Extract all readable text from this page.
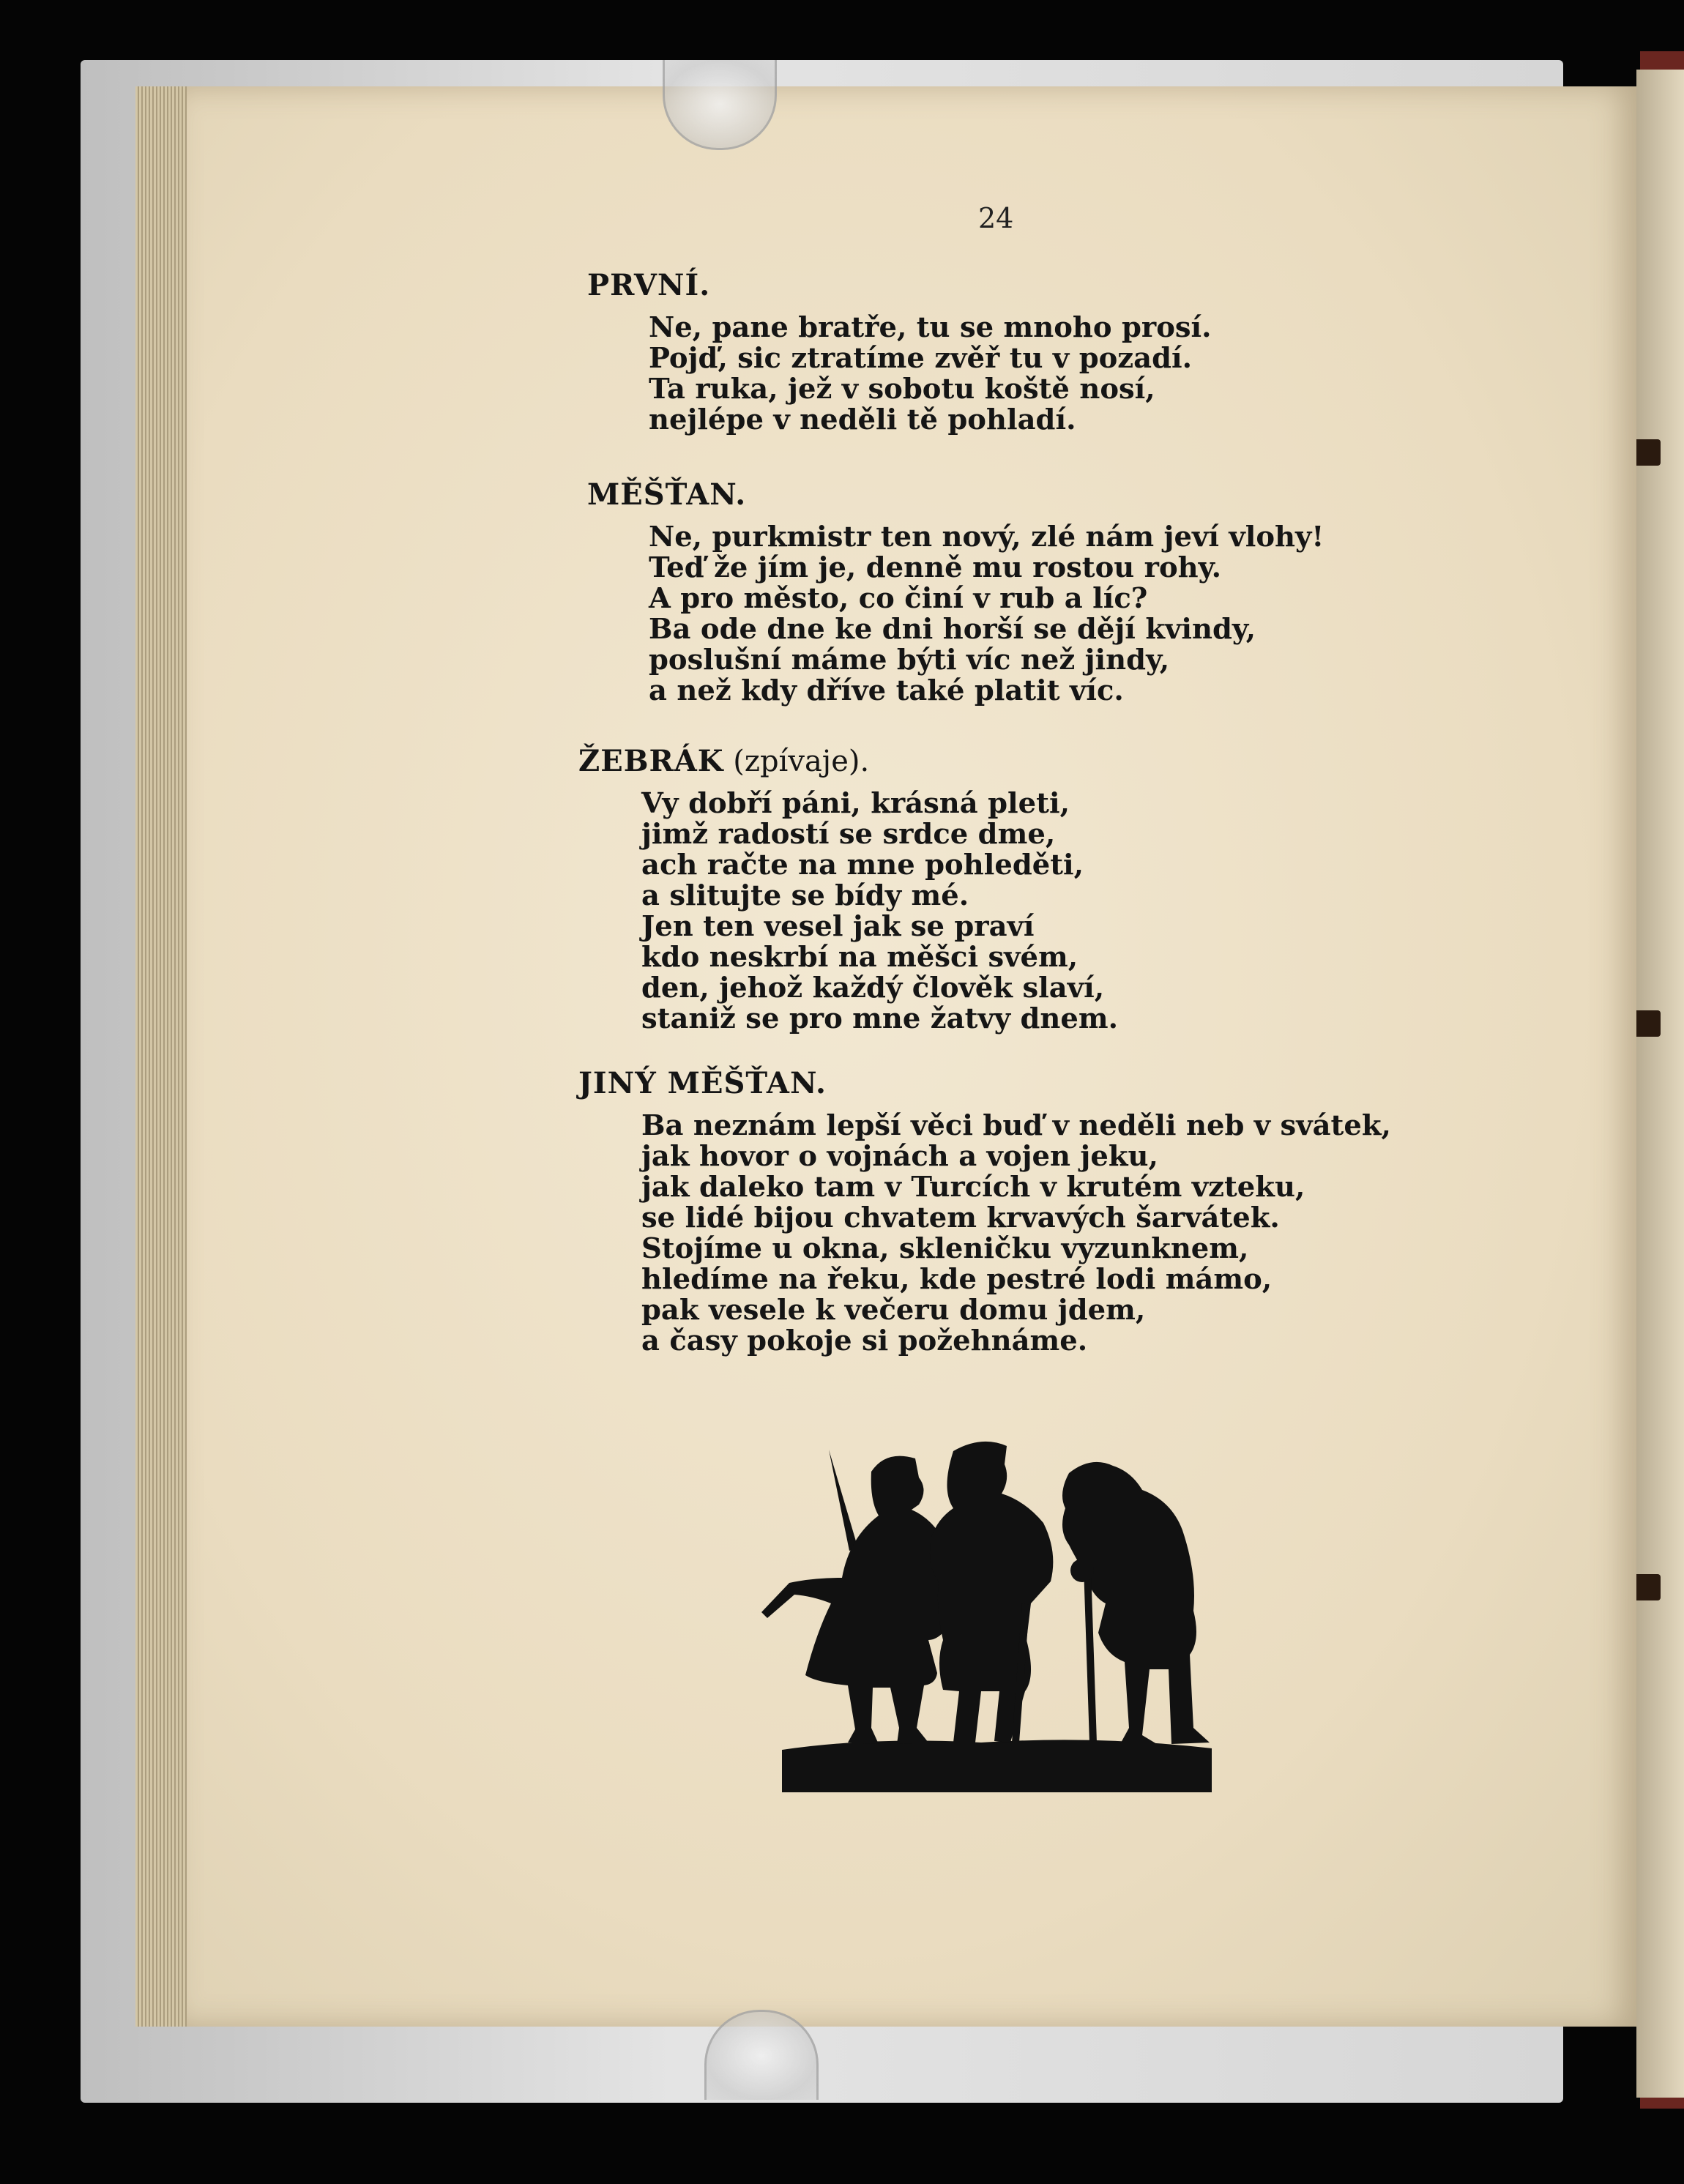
24
PRVNÍ.
Ne, pane bratře, tu se mnoho prosí.
Pojď, sic ztratíme zvěř tu v pozadí.
Ta ruka, jež v sobotu koště nosí,
nejlépe v neděli tě pohladí.
MĚŠŤAN.
Ne, purkmistr ten nový, zlé nám jeví vlohy!
Teď že jím je, denně mu rostou rohy.
A pro město, co činí v rub a líc?
Ba ode dne ke dni horší se dějí kvindy,
poslušní máme býti víc než jindy,
a než kdy dříve také platit víc.
ŽEBRÁK (zpívaje).
Vy dobří páni, krásná pleti,
jimž radostí se srdce dme,
ach račte na mne pohleděti,
a slitujte se bídy mé.
Jen ten vesel jak se praví
kdo neskrbí na měšci svém,
den, jehož každý člověk slaví,
staniž se pro mne žatvy dnem.
JINÝ MĚŠŤAN.
Ba neznám lepší věci buď v neděli neb v svátek,
jak hovor o vojnách a vojen jeku,
jak daleko tam v Turcích v krutém vzteku,
se lidé bijou chvatem krvavých šarvátek.
Stojíme u okna, skleničku vyzunknem,
hledíme na řeku, kde pestré lodi mámo,
pak vesele k večeru domu jdem,
a časy pokoje si požehnáme.
